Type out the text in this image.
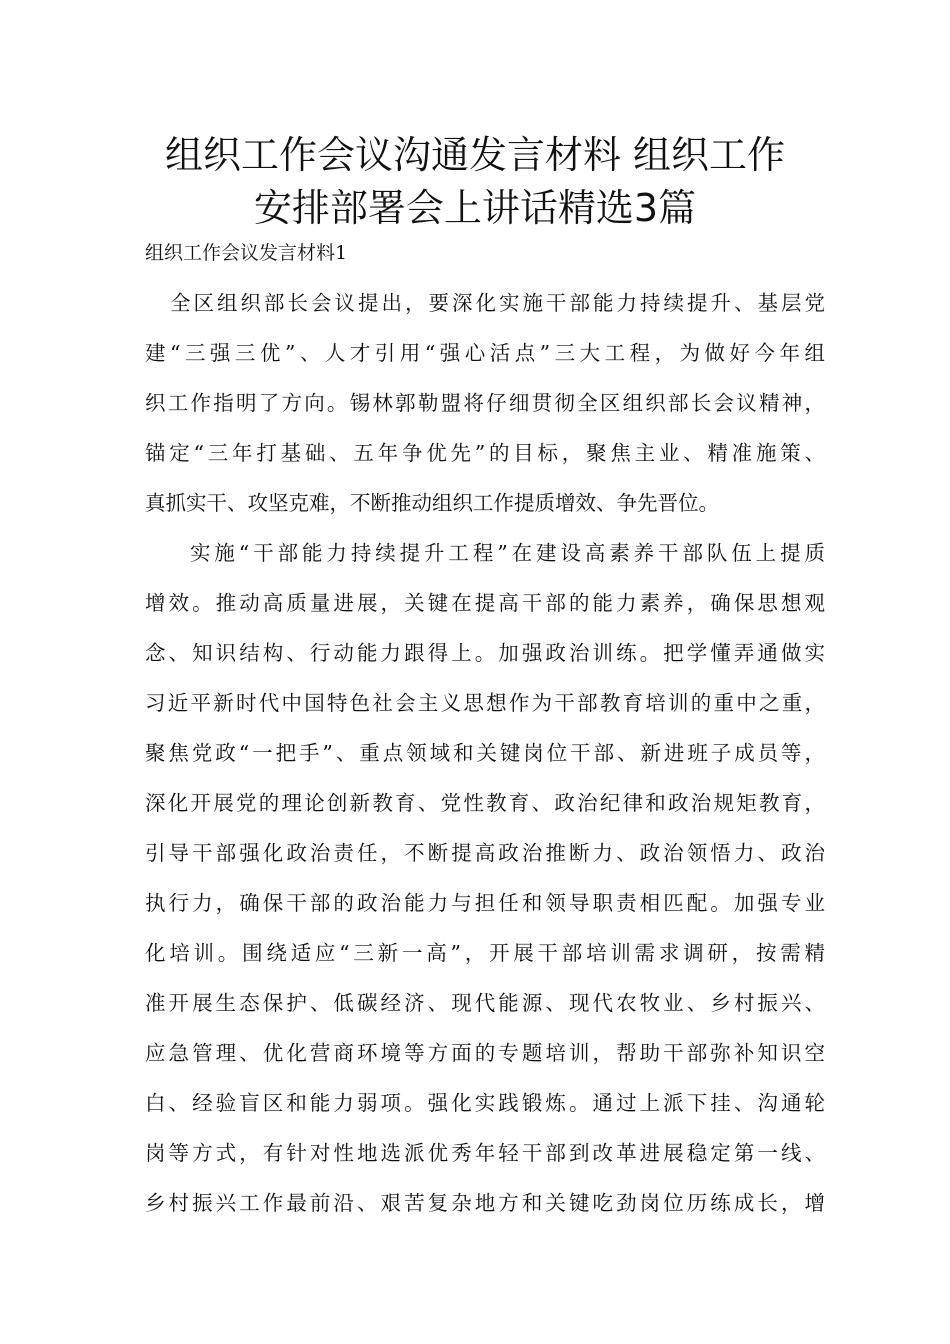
组织工作会议沟通发言材料 组织工作
安排部署会上讲话精选3篇
组织工作会议发言材料1
全区组织部长会议提出，要深化实施干部能力持续提升、基层党
建“三强三优”、人才引用“强心活点”三大工程，为做好今年组
织工作指明了方向。锡林郭勒盟将仔细贯彻全区组织部长会议精神，
锚定“三年打基础、五年争优先”的目标，聚焦主业、精准施策、
真抓实干、攻坚克难，不断推动组织工作提质增效、争先晋位。
实施“干部能力持续提升工程”在建设高素养干部队伍上提质
增效。推动高质量进展，关键在提高干部的能力素养，确保思想观
念、知识结构、行动能力跟得上。加强政治训练。把学懂弄通做实
习近平新时代中国特色社会主义思想作为干部教育培训的重中之重，
聚焦党政“一把手”、重点领域和关键岗位干部、新进班子成员等，
深化开展党的理论创新教育、党性教育、政治纪律和政治规矩教育，
引导干部强化政治责任，不断提高政治推断力、政治领悟力、政治
执行力，确保干部的政治能力与担任和领导职责相匹配。加强专业
化培训。围绕适应“三新一高”，开展干部培训需求调研，按需精
准开展生态保护、低碳经济、现代能源、现代农牧业、乡村振兴、
应急管理、优化营商环境等方面的专题培训，帮助干部弥补知识空
白、经验盲区和能力弱项。强化实践锻炼。通过上派下挂、沟通轮
岗等方式，有针对性地选派优秀年轻干部到改革进展稳定第一线、
乡村振兴工作最前沿、艰苦复杂地方和关键吃劲岗位历练成长，增
